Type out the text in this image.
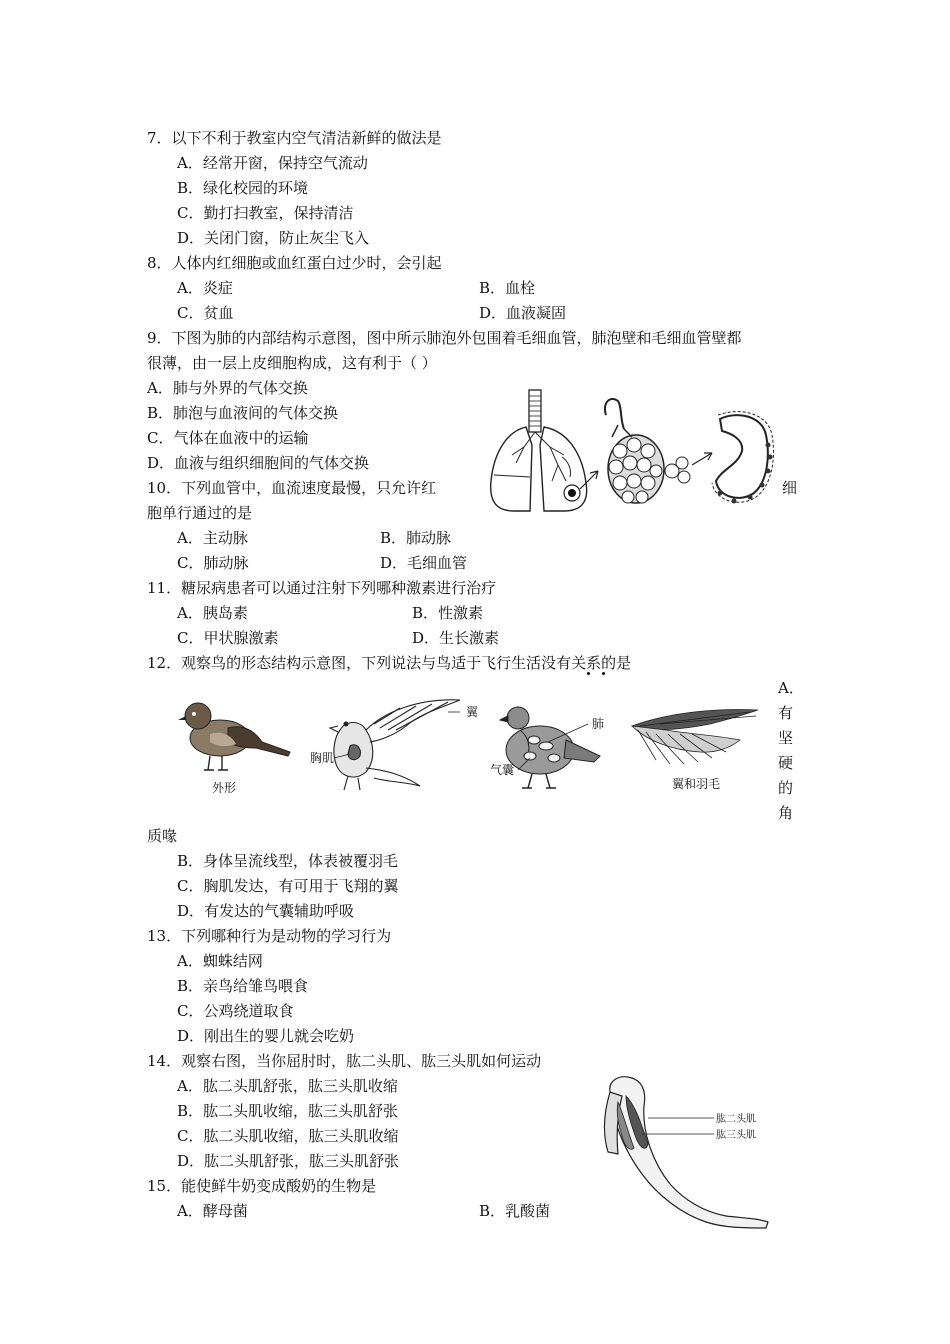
7．以下不利于教室内空气清洁新鲜的做法是
A．经常开窗，保持空气流动
B．绿化校园的环境
C．勤打扫教室，保持清洁
D．关闭门窗，防止灰尘飞入
8．人体内红细胞或血红蛋白过少时，会引起
A．炎症	B．血栓
C．贫血	D．血液凝固
9．下图为肺的内部结构示意图，图中所示肺泡外包围着毛细血管，肺泡壁和毛细血管壁都
很薄，由一层上皮细胞构成，这有利于（ ）
A．肺与外界的气体交换
B．肺泡与血液间的气体交换
C．气体在血液中的运输
D．血液与组织细胞间的气体交换
10．下列血管中，血流速度最慢，只允许红	细
胞单行通过的是
A．主动脉	B．肺动脉
C．肺动脉	D．毛细血管
11．糖尿病患者可以通过注射下列哪种激素进行治疗
A．胰岛素	B．性激素
C．甲状腺激素	D．生长激素
12．观察鸟的形态结构示意图，下列说法与鸟适于飞行生活没有关系的是
A．
有
坚
硬
的
角
外形
翼
胸肌
肺
气囊
翼和羽毛
质喙
B．身体呈流线型，体表被覆羽毛
C．胸肌发达，有可用于飞翔的翼
D．有发达的气囊辅助呼吸
13．下列哪种行为是动物的学习行为
A．蜘蛛结网
B．亲鸟给雏鸟喂食
C．公鸡绕道取食
D．刚出生的婴儿就会吃奶
14．观察右图，当你屈肘时，肱二头肌、肱三头肌如何运动
A．肱二头肌舒张，肱三头肌收缩
B．肱二头肌收缩，肱三头肌舒张
C．肱二头肌收缩，肱三头肌收缩
D．肱二头肌舒张，肱三头肌舒张
肱二头肌
肱三头肌
15．能使鲜牛奶变成酸奶的生物是
A．酵母菌	B．乳酸菌
